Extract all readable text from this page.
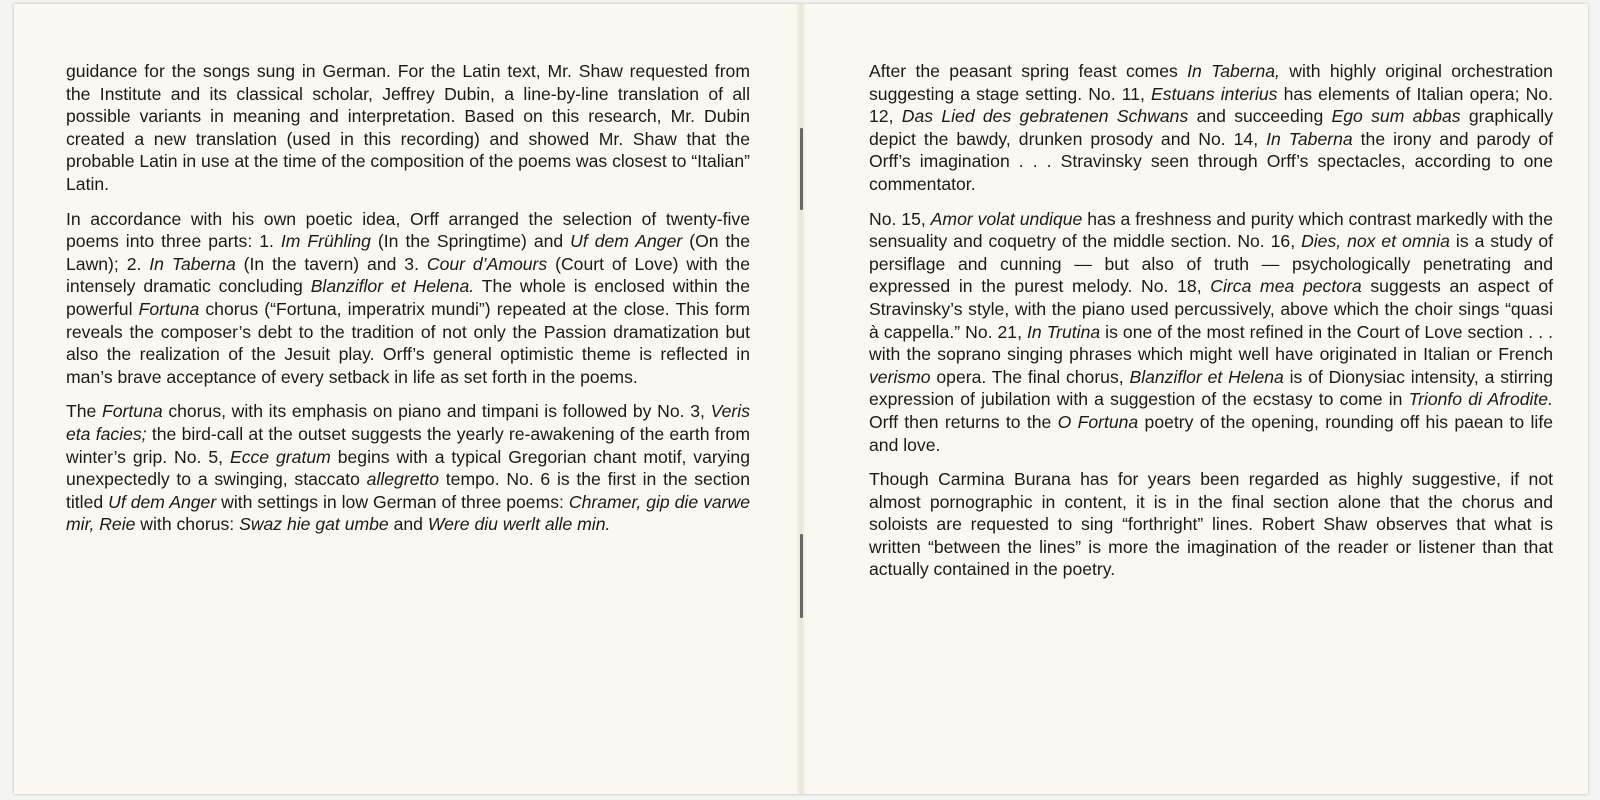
guidance for the songs sung in German. For the Latin text, Mr. Shaw requested from the Institute and its classical scholar, Jeffrey Dubin, a line-by-line translation of all possible variants in meaning and interpretation. Based on this research, Mr. Dubin created a new translation (used in this recording) and showed Mr. Shaw that the probable Latin in use at the time of the composition of the poems was closest to “Italian” Latin.

In accordance with his own poetic idea, Orff arranged the selection of twenty-five poems into three parts: 1. Im Frühling (In the Springtime) and Uf dem Anger (On the Lawn); 2. In Taberna (In the tavern) and 3. Cour d’Amours (Court of Love) with the intensely dramatic concluding Blanziflor et Helena. The whole is enclosed within the powerful Fortuna chorus (“Fortuna, imperatrix mundi”) repeated at the close. This form reveals the composer’s debt to the tradition of not only the Passion dramatization but also the realization of the Jesuit play. Orff’s general optimistic theme is reflected in man’s brave acceptance of every setback in life as set forth in the poems.

The Fortuna chorus, with its emphasis on piano and timpani is followed by No. 3, Veris eta facies; the bird-call at the outset suggests the yearly re-awakening of the earth from winter’s grip. No. 5, Ecce gratum begins with a typical Gregorian chant motif, varying unexpectedly to a swinging, staccato allegretto tempo. No. 6 is the first in the section titled Uf dem Anger with settings in low German of three poems: Chramer, gip die varwe mir, Reie with chorus: Swaz hie gat umbe and Were diu werlt alle min.

After the peasant spring feast comes In Taberna, with highly original orchestration suggesting a stage setting. No. 11, Estuans interius has elements of Italian opera; No. 12, Das Lied des gebratenen Schwans and succeeding Ego sum abbas graphically depict the bawdy, drunken prosody and No. 14, In Taberna the irony and parody of Orff’s imagination . . . Stravinsky seen through Orff’s spectacles, according to one commentator.

No. 15, Amor volat undique has a freshness and purity which contrast markedly with the sensuality and coquetry of the middle section. No. 16, Dies, nox et omnia is a study of persiflage and cunning — but also of truth — psychologically penetrating and expressed in the purest melody. No. 18, Circa mea pectora suggests an aspect of Stravinsky’s style, with the piano used percussively, above which the choir sings “quasi à cappella.” No. 21, In Trutina is one of the most refined in the Court of Love section . . . with the soprano singing phrases which might well have originated in Italian or French verismo opera. The final chorus, Blanziflor et Helena is of Dionysiac intensity, a stirring expression of jubilation with a suggestion of the ecstasy to come in Trionfo di Afrodite. Orff then returns to the O Fortuna poetry of the opening, rounding off his paean to life and love.

Though Carmina Burana has for years been regarded as highly suggestive, if not almost pornographic in content, it is in the final section alone that the chorus and soloists are requested to sing “forthright” lines. Robert Shaw observes that what is written “between the lines” is more the imagination of the reader or listener than that actually contained in the poetry.
